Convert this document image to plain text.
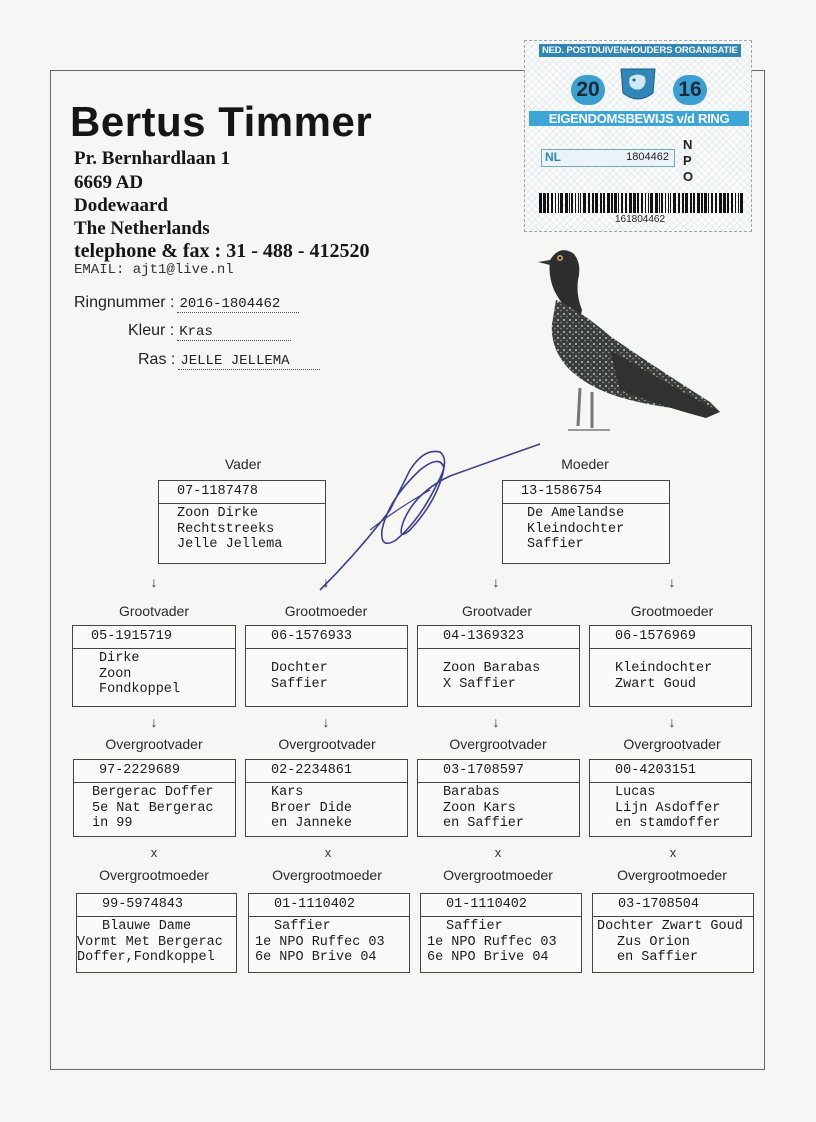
Bertus Timmer
Pr. Bernhardlaan 1
6669 AD
Dodewaard
The Netherlands
telephone & fax : 31 - 488 - 412520
EMAIL: ajt1@live.nl
Ringnummer : 2016-1804462
Kleur : Kras
Ras : JELLE JELLEMA
NED. POSTDUIVENHOUDERS ORGANISATIE
20	16
EIGENDOMSBEWIJS v/d RING
NL	1804462
N
P
O
161804462
Vader	Moeder
07-1187478
Zoon Dirke
Rechtstreeks
Jelle Jellema
13-1586754
De Amelandse
Kleindochter
Saffier
↓	↓	↓	↓
Grootvader	Grootmoeder	Grootvader	Grootmoeder
05-1915719
Dirke
Zoon
Fondkoppel
06-1576933
Dochter
Saffier
04-1369323
Zoon Barabas
X Saffier
06-1576969
Kleindochter
Zwart Goud
↓	↓	↓	↓
Overgrootvader	Overgrootvader	Overgrootvader	Overgrootvader
97-2229689
Bergerac Doffer
5e Nat Bergerac
in 99
02-2234861
Kars
Broer Dide
en Janneke
03-1708597
Barabas
Zoon Kars
en Saffier
00-4203151
Lucas
Lijn Asdoffer
en stamdoffer
x	x	x	x
Overgrootmoeder	Overgrootmoeder	Overgrootmoeder	Overgrootmoeder
99-5974843
Blauwe Dame
Vormt Met Bergerac
Doffer,Fondkoppel
01-1110402
Saffier
1e NPO Ruffec 03
6e NPO Brive 04
01-1110402
Saffier
1e NPO Ruffec 03
6e NPO Brive 04
03-1708504
Dochter Zwart Goud
Zus Orion
en Saffier
